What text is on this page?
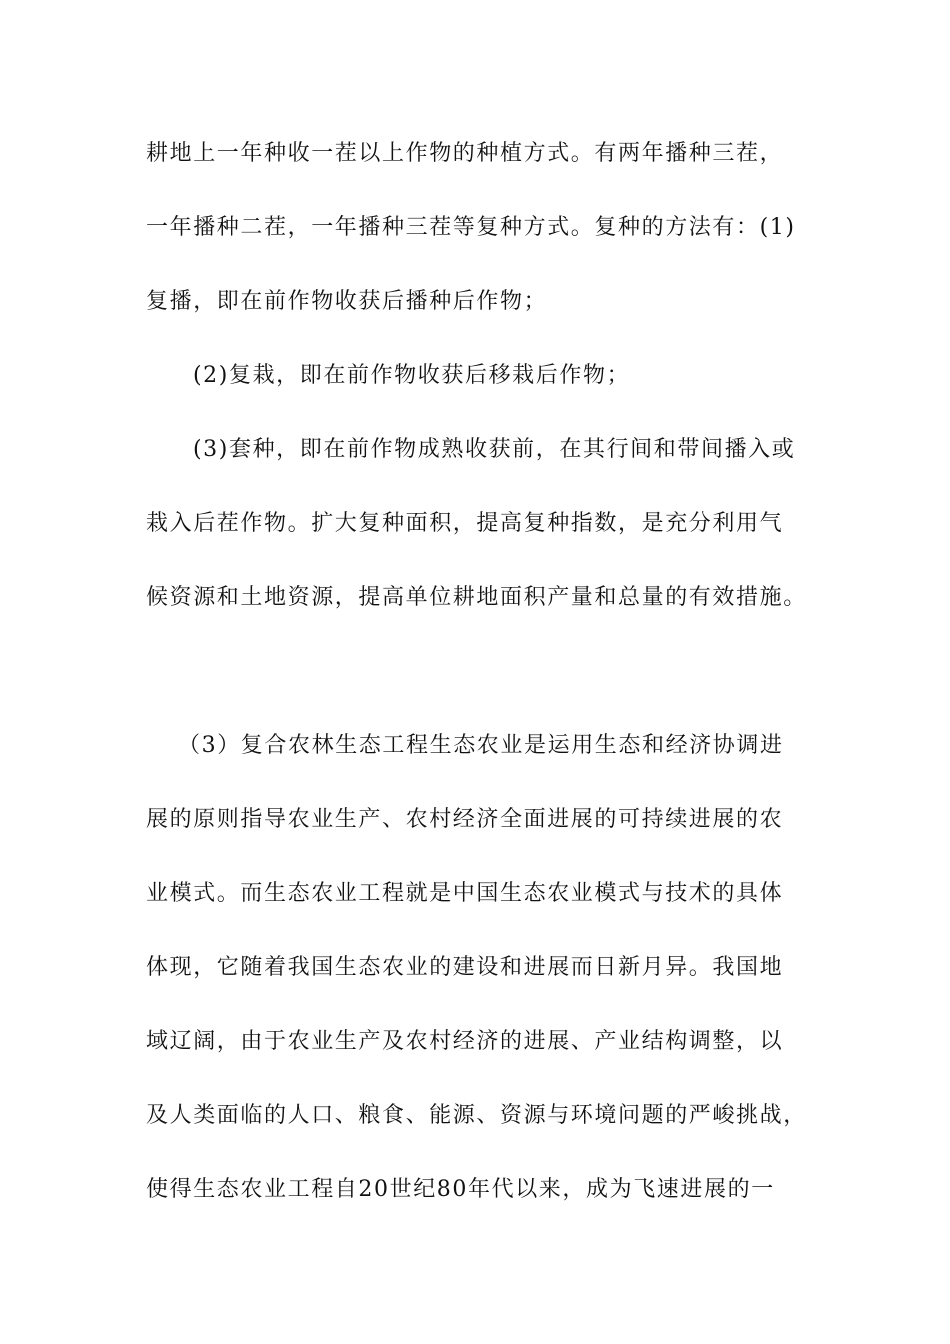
耕地上一年种收一茬以上作物的种植方式。有两年播种三茬，
一年播种二茬，一年播种三茬等复种方式。复种的方法有：(1)
复播，即在前作物收获后播种后作物；
(2)复栽，即在前作物收获后移栽后作物；
(3)套种，即在前作物成熟收获前，在其行间和带间播入或
栽入后茬作物。扩大复种面积，提高复种指数，是充分利用气
候资源和土地资源，提高单位耕地面积产量和总量的有效措施。
（3）复合农林生态工程生态农业是运用生态和经济协调进
展的原则指导农业生产、农村经济全面进展的可持续进展的农
业模式。而生态农业工程就是中国生态农业模式与技术的具体
体现，它随着我国生态农业的建设和进展而日新月异。我国地
域辽阔，由于农业生产及农村经济的进展、产业结构调整，以
及人类面临的人口、粮食、能源、资源与环境问题的严峻挑战，
使得生态农业工程自20世纪80年代以来，成为飞速进展的一
